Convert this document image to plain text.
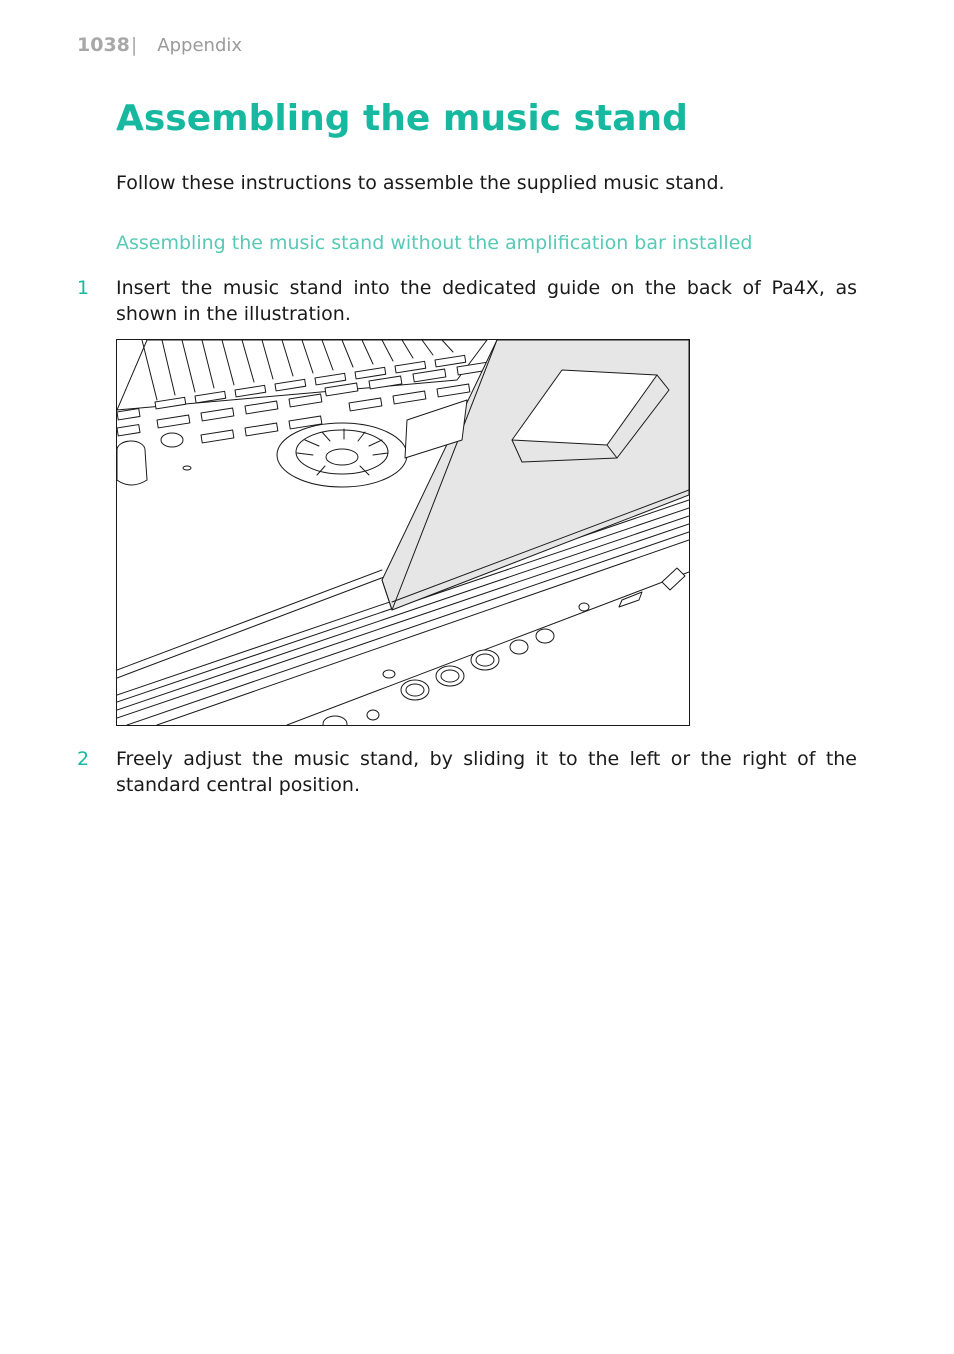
1038| Appendix
Assembling the music stand

Follow these instructions to assemble the supplied music stand.

Assembling the music stand without the amplification bar installed
1 Insert the music stand into the dedicated guide on the back of Pa4X, as shown in the illustration.

2 Freely adjust the music stand, by sliding it to the left or the right of the standard central position.
